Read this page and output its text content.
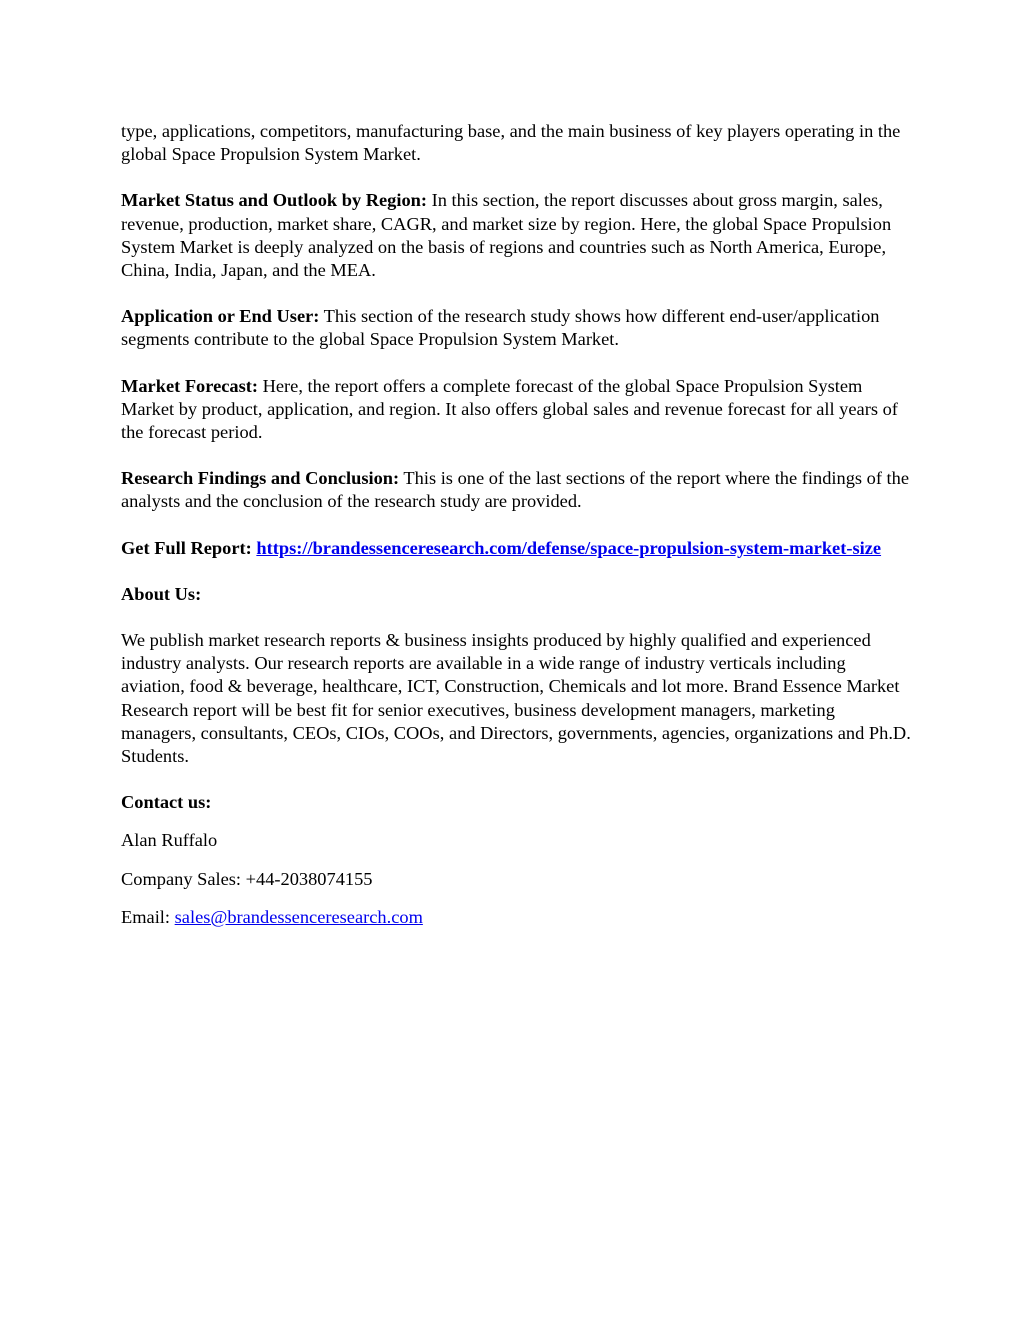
type, applications, competitors, manufacturing base, and the main business of key players operating in the global Space Propulsion System Market.

Market Status and Outlook by Region: In this section, the report discusses about gross margin, sales, revenue, production, market share, CAGR, and market size by region. Here, the global Space Propulsion System Market is deeply analyzed on the basis of regions and countries such as North America, Europe, China, India, Japan, and the MEA.

Application or End User: This section of the research study shows how different end-user/application segments contribute to the global Space Propulsion System Market.

Market Forecast: Here, the report offers a complete forecast of the global Space Propulsion System Market by product, application, and region. It also offers global sales and revenue forecast for all years of the forecast period.

Research Findings and Conclusion: This is one of the last sections of the report where the findings of the analysts and the conclusion of the research study are provided.

Get Full Report: https://brandessenceresearch.com/defense/space-propulsion-system-market-size

About Us:

We publish market research reports & business insights produced by highly qualified and experienced industry analysts. Our research reports are available in a wide range of industry verticals including aviation, food & beverage, healthcare, ICT, Construction, Chemicals and lot more. Brand Essence Market Research report will be best fit for senior executives, business development managers, marketing managers, consultants, CEOs, CIOs, COOs, and Directors, governments, agencies, organizations and Ph.D. Students.

Contact us:

Alan Ruffalo

Company Sales: +44-2038074155

Email: sales@brandessenceresearch.com
